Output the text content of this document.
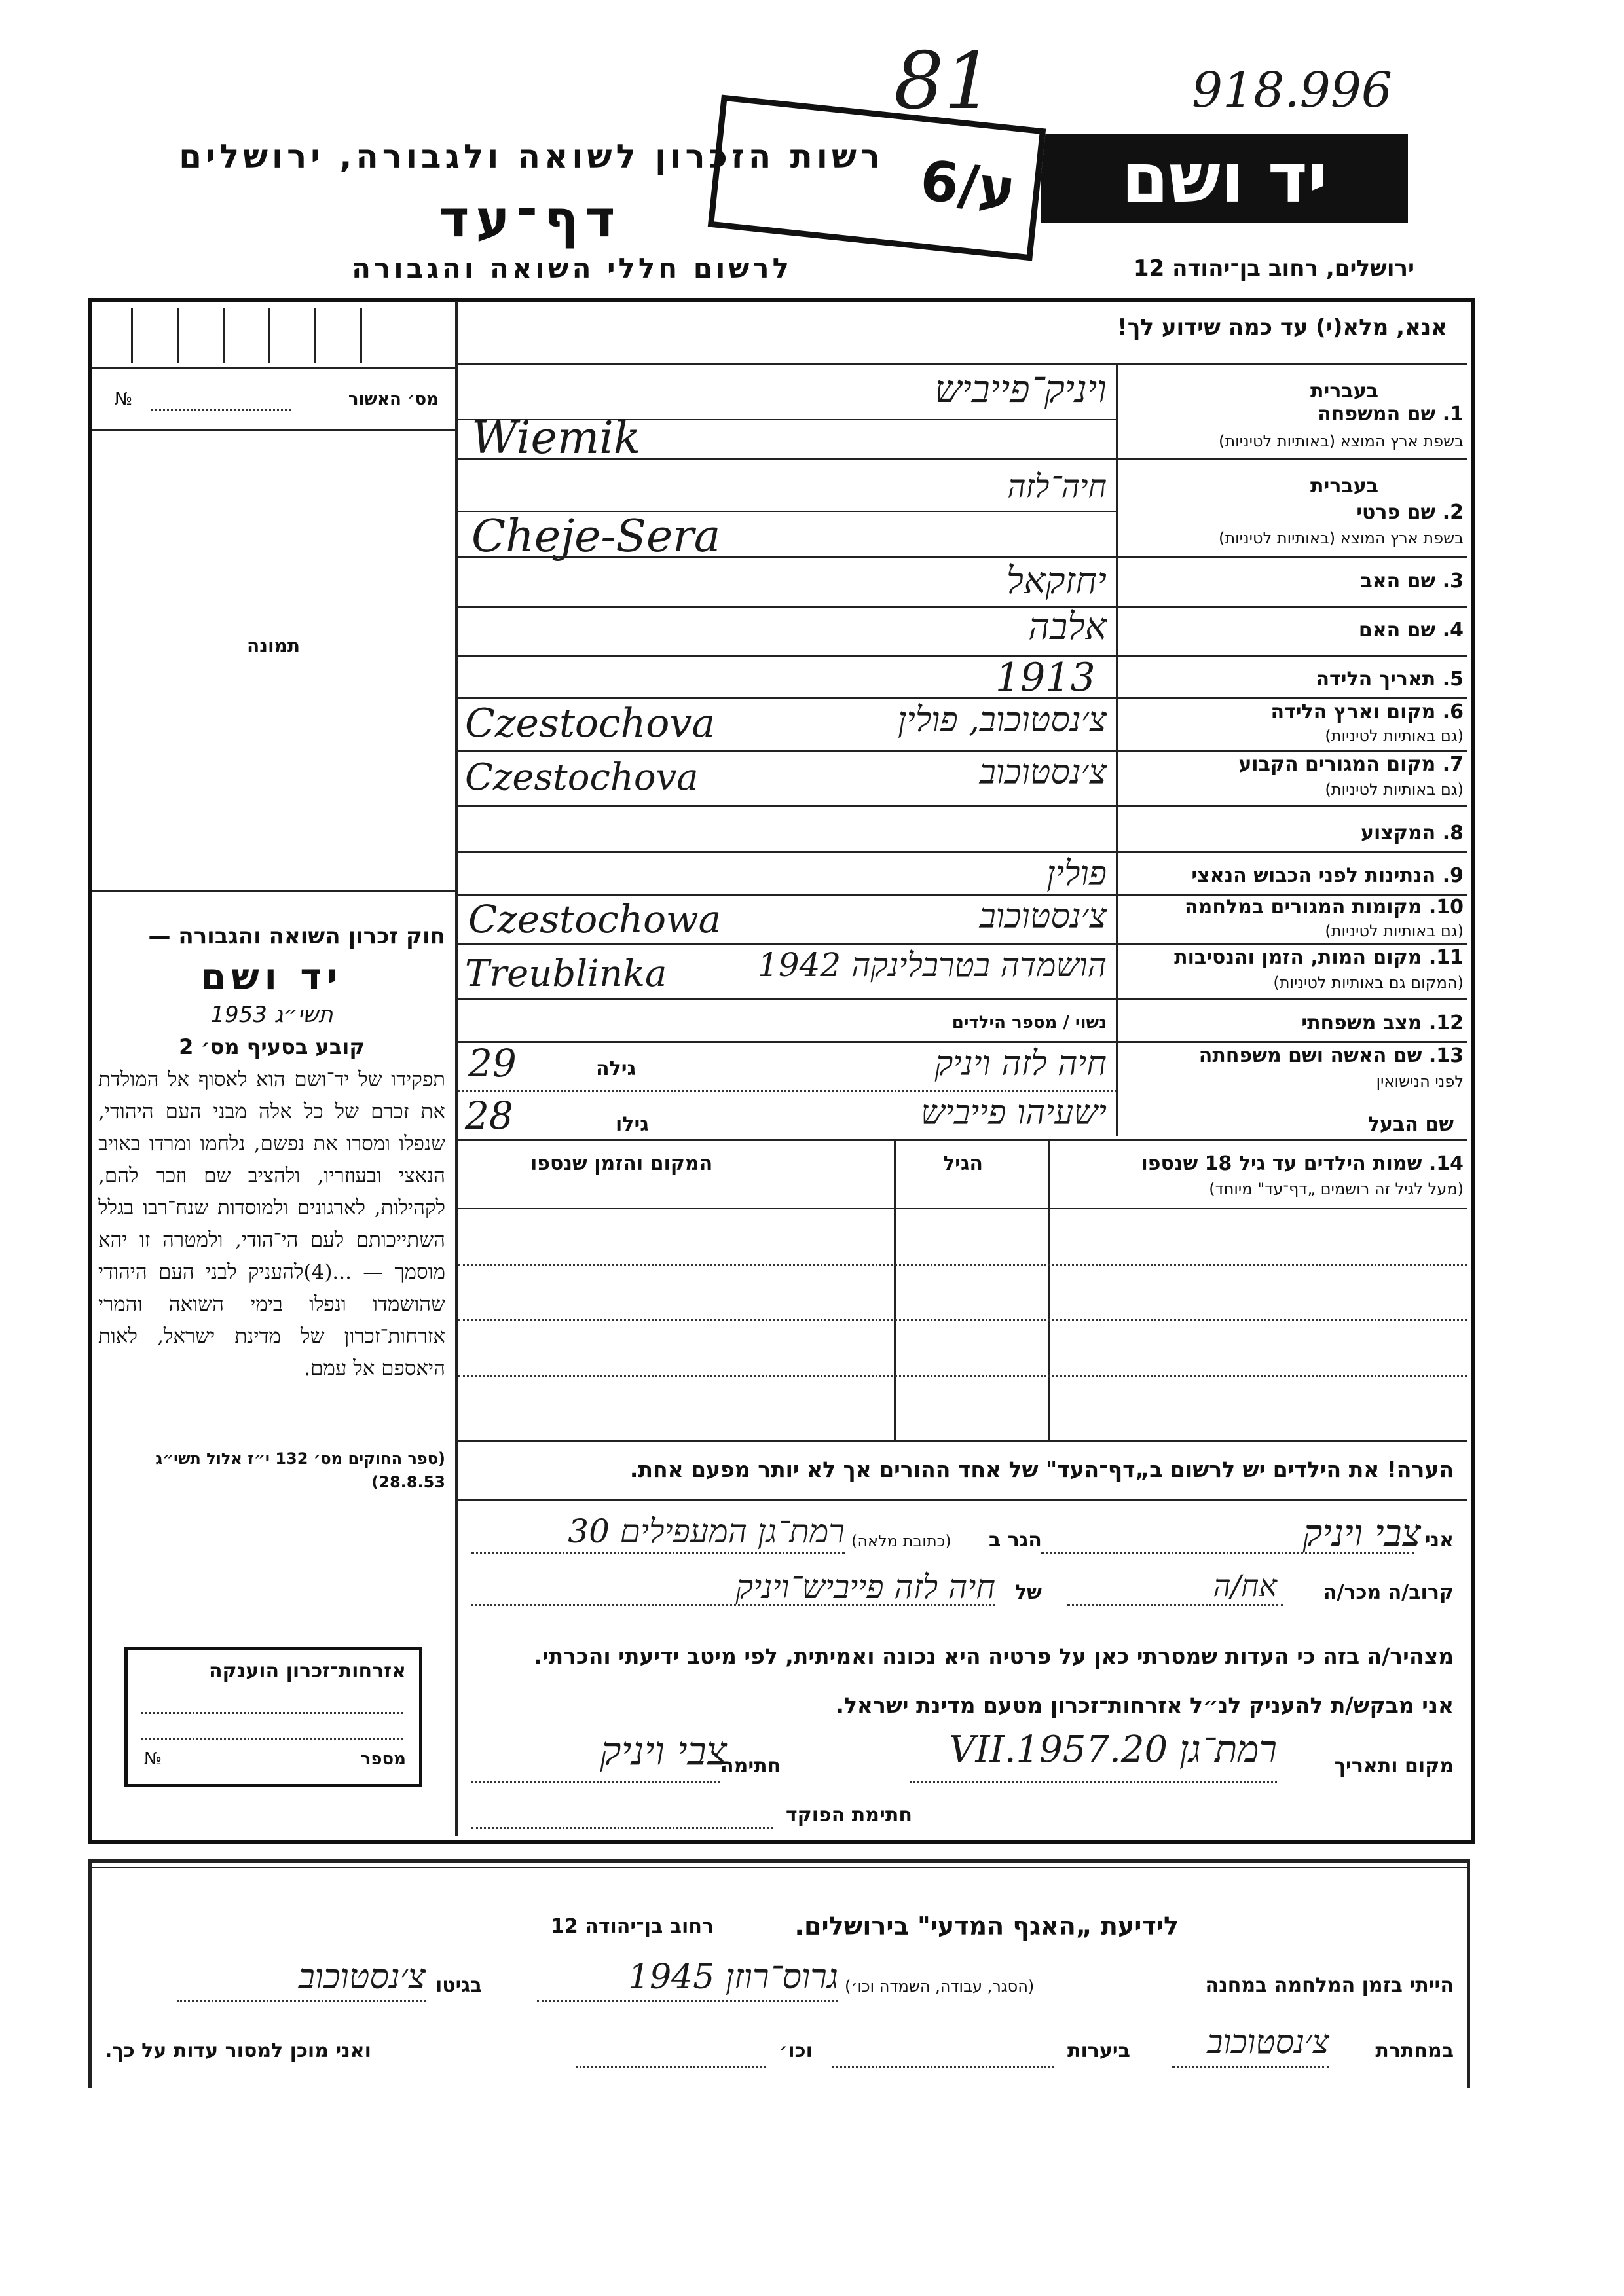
81	918.996
יד ושם
ע/6
רשות הזכרון לשואה ולגבורה, ירושלים
דף־עד
לרשום חללי השואה והגבורה	ירושלים, רחוב בן־יהודה 12
מס׳ האשור
№
תמונה
חוק זכרון השואה והגבורה —
יד ושם
תשי״ג 1953
קובע בסעיף מס׳ 2
תפקידו של יד־ושם הוא לאסוף אל המולדת את זכרם של כל אלה מבני העם היהודי, שנפלו ומסרו את נפשם, נלחמו ומרדו באויב הנאצי ובעוזריו, ולהציב שם וזכר להם, לקהילות, לארגונים ולמוסדות שנח־רבו בגלל השתייכותם לעם הי־הודי, ולמטרה זו יהא מוסמך — ...(4)להעניק לבני העם היהודי שהושמדו ונפלו בימי השואה והמרי אזרחות־זכרון של מדינת ישראל, לאות היאספם אל עמם.
(ספר החוקים מס׳ 132 י״ז אלול תשי״ג 28.8.53)
אזרחות־זכרון הוענקה
מספר
№
אנא, מלא(י) עד כמה שידוע לך!
בעברית
1. שם המשפחה
בשפת ארץ המוצא (באותיות לטיניות)
ויניק־פייביש
Wiemik
בעברית
2. שם פרטי
בשפת ארץ המוצא (באותיות לטיניות)
חיה־לזה
Cheje-Sera
3. שם האב
יחזקאל
4. שם האם
אלבה
5. תאריך הלידה
1913
6. מקום וארץ הלידה
(גם באותיות לטיניות)
צ׳נסטוכוב, פולין
Czestochova
7. מקום המגורים הקבוע
(גם באותיות לטיניות)
צ׳נסטוכוב
Czestochova
8. המקצוע
9. הנתינות לפני הכבוש הנאצי
פולין
10. מקומות המגורים במלחמה
(גם באותיות לטיניות)
צ׳נסטוכוב
Czestochowa
11. מקום המות, הזמן והנסיבות
(המקום גם באותיות לטיניות)
הושמדה בטרבלינקה 1942
Treublinka
12. מצב משפחתי
נשוי / מספר הילדים
13. שם האשה ושם משפחתה
לפני הנישואין
חיה לזה ויניק
גילה
29
שם הבעל
ישעיהו פייביש
גילו
28
14. שמות הילדים עד גיל 18 שנספו
(מעל לגיל זה רושמים „דף־עד" מיוחד)
הגיל
המקום והזמן שנספו
הערה! את הילדים יש לרשום ב„דף־העד" של אחד ההורים אך לא יותר מפעם אחת.
אני
צבי ויניק
הגר ב
(כתובת מלאה)
רמת־גן המעפילים 30
קרוב/ה מכר/ה
אח/ה
של
חיה לזה פייביש־ויניק
מצהיר/ה בזה כי העדות שמסרתי כאן על פרטיה היא נכונה ואמיתית, לפי מיטב ידיעתי והכרתי.
אני מבקש/ת להעניק לנ״ל אזרחות־זכרון מטעם מדינת ישראל.
מקום ותאריך
רמת־גן 20.VII.1957
חתימה
צבי ויניק
חתימת הפוקד
לידיעת „האגף המדעי" בירושלים.
רחוב בן־יהודה 12
הייתי בזמן המלחמה במחנה
(הסגר, עבודה, השמדה וכו׳)
גרוס־רוזן 1945
בגיטו
צ׳נסטוכוב
במחתרת
צ׳נסטוכוב
ביערות
וכו׳
ואני מוכן למסור עדות על כך.
